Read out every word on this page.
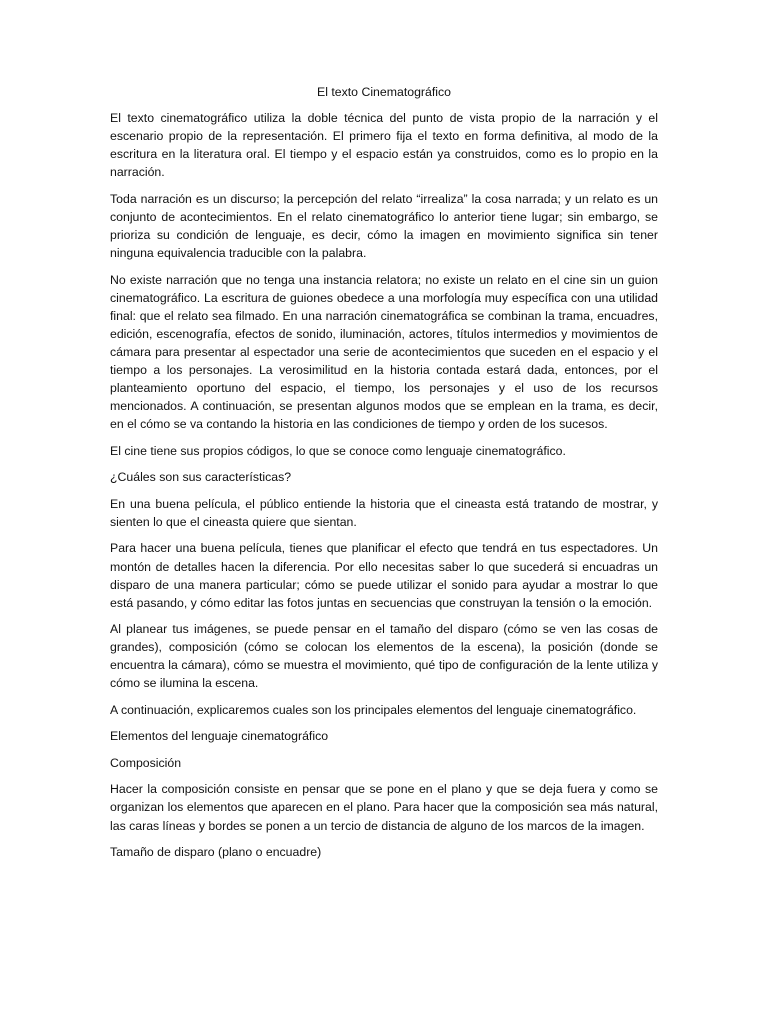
El texto Cinematográfico

El texto cinematográfico utiliza la doble técnica del punto de vista propio de la narración y el escenario propio de la representación. El primero fija el texto en forma definitiva, al modo de la escritura en la literatura oral. El tiempo y el espacio están ya construidos, como es lo propio en la narración.

Toda narración es un discurso; la percepción del relato “irrealiza” la cosa narrada; y un relato es un conjunto de acontecimientos. En el relato cinematográfico lo anterior tiene lugar; sin embargo, se prioriza su condición de lenguaje, es decir, cómo la imagen en movimiento significa sin tener ninguna equivalencia traducible con la palabra.

No existe narración que no tenga una instancia relatora; no existe un relato en el cine sin un guion cinematográfico. La escritura de guiones obedece a una morfología muy específica con una utilidad final: que el relato sea filmado. En una narración cinematográfica se combinan la trama, encuadres, edición, escenografía, efectos de sonido, iluminación, actores, títulos intermedios y movimientos de cámara para presentar al espectador una serie de acontecimientos que suceden en el espacio y el tiempo a los personajes. La verosimilitud en la historia contada estará dada, entonces, por el planteamiento oportuno del espacio, el tiempo, los personajes y el uso de los recursos mencionados. A continuación, se presentan algunos modos que se emplean en la trama, es decir, en el cómo se va contando la historia en las condiciones de tiempo y orden de los sucesos.

El cine tiene sus propios códigos, lo que se conoce como lenguaje cinematográfico.

¿Cuáles son sus características?

En una buena película, el público entiende la historia que el cineasta está tratando de mostrar, y sienten lo que el cineasta quiere que sientan.

Para hacer una buena película, tienes que planificar el efecto que tendrá en tus espectadores. Un montón de detalles hacen la diferencia. Por ello necesitas saber lo que sucederá si encuadras un disparo de una manera particular; cómo se puede utilizar el sonido para ayudar a mostrar lo que está pasando, y cómo editar las fotos juntas en secuencias que construyan la tensión o la emoción.

Al planear tus imágenes, se puede pensar en el tamaño del disparo (cómo se ven las cosas de grandes), composición (cómo se colocan los elementos de la escena), la posición (donde se encuentra la cámara), cómo se muestra el movimiento, qué tipo de configuración de la lente utiliza y cómo se ilumina la escena.

A continuación, explicaremos cuales son los principales elementos del lenguaje cinematográfico.

Elementos del lenguaje cinematográfico

Composición

Hacer la composición consiste en pensar que se pone en el plano y que se deja fuera y como se organizan los elementos que aparecen en el plano. Para hacer que la composición sea más natural, las caras líneas y bordes se ponen a un tercio de distancia de alguno de los marcos de la imagen.

Tamaño de disparo (plano o encuadre)
